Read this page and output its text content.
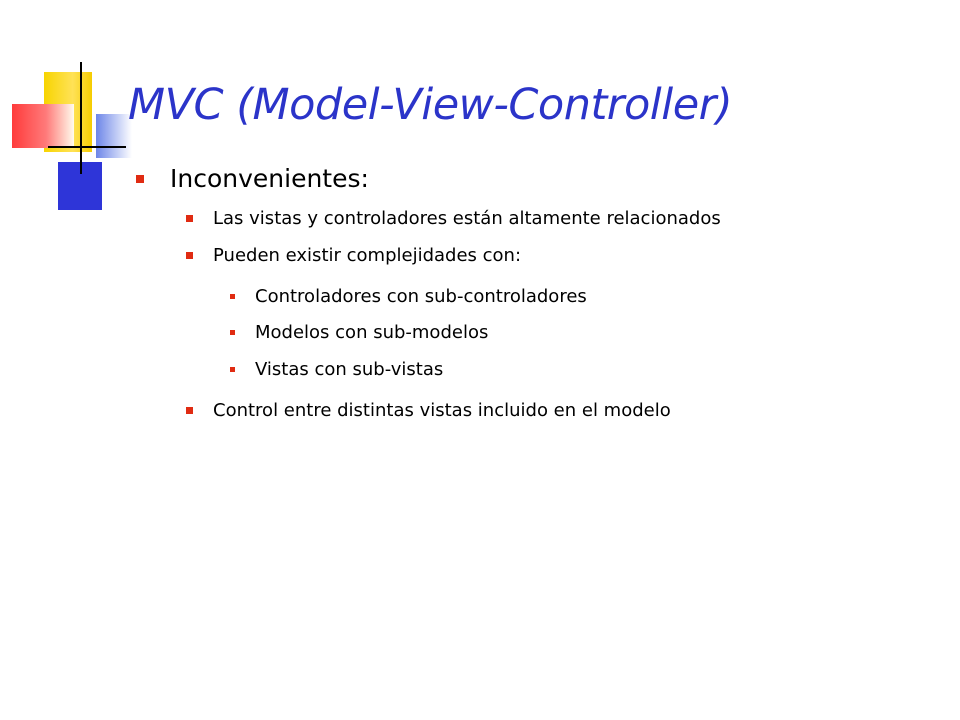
MVC (Model-View-Controller)
Inconvenientes:
Las vistas y controladores están altamente relacionados
Pueden existir complejidades con:
Controladores con sub-controladores
Modelos con sub-modelos
Vistas con sub-vistas
Control entre distintas vistas incluido en el modelo
